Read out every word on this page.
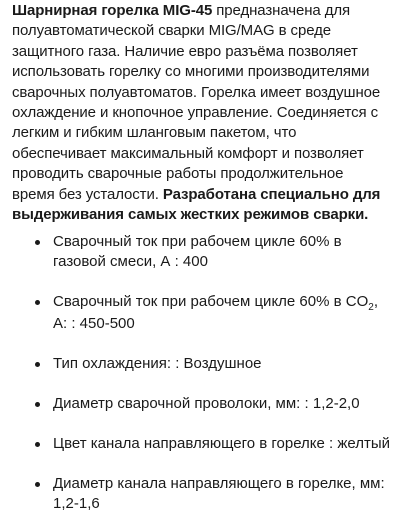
Шарнирная горелка MIG-45 предназначена для полуавтоматической сварки MIG/MAG в среде защитного газа. Наличие евро разъёма позволяет использовать горелку со многими производителями сварочных полуавтоматов. Горелка имеет воздушное охлаждение и кнопочное управление. Соединяется с легким и гибким шланговым пакетом, что обеспечивает максимальный комфорт и позволяет проводить сварочные работы продолжительное время без усталости. Разработана специально для выдерживания самых жестких режимов сварки.

Сварочный ток при рабочем цикле 60% в газовой смеси, А : 400
Сварочный ток при рабочем цикле 60% в $CO_2$, А: : 450-500
Тип охлаждения: : Воздушное
Диаметр сварочной проволоки, мм: : 1,2-2,0
Цвет канала направляющего в горелке : желтый
Диаметр канала направляющего в горелке, мм: 1,2-1,6
